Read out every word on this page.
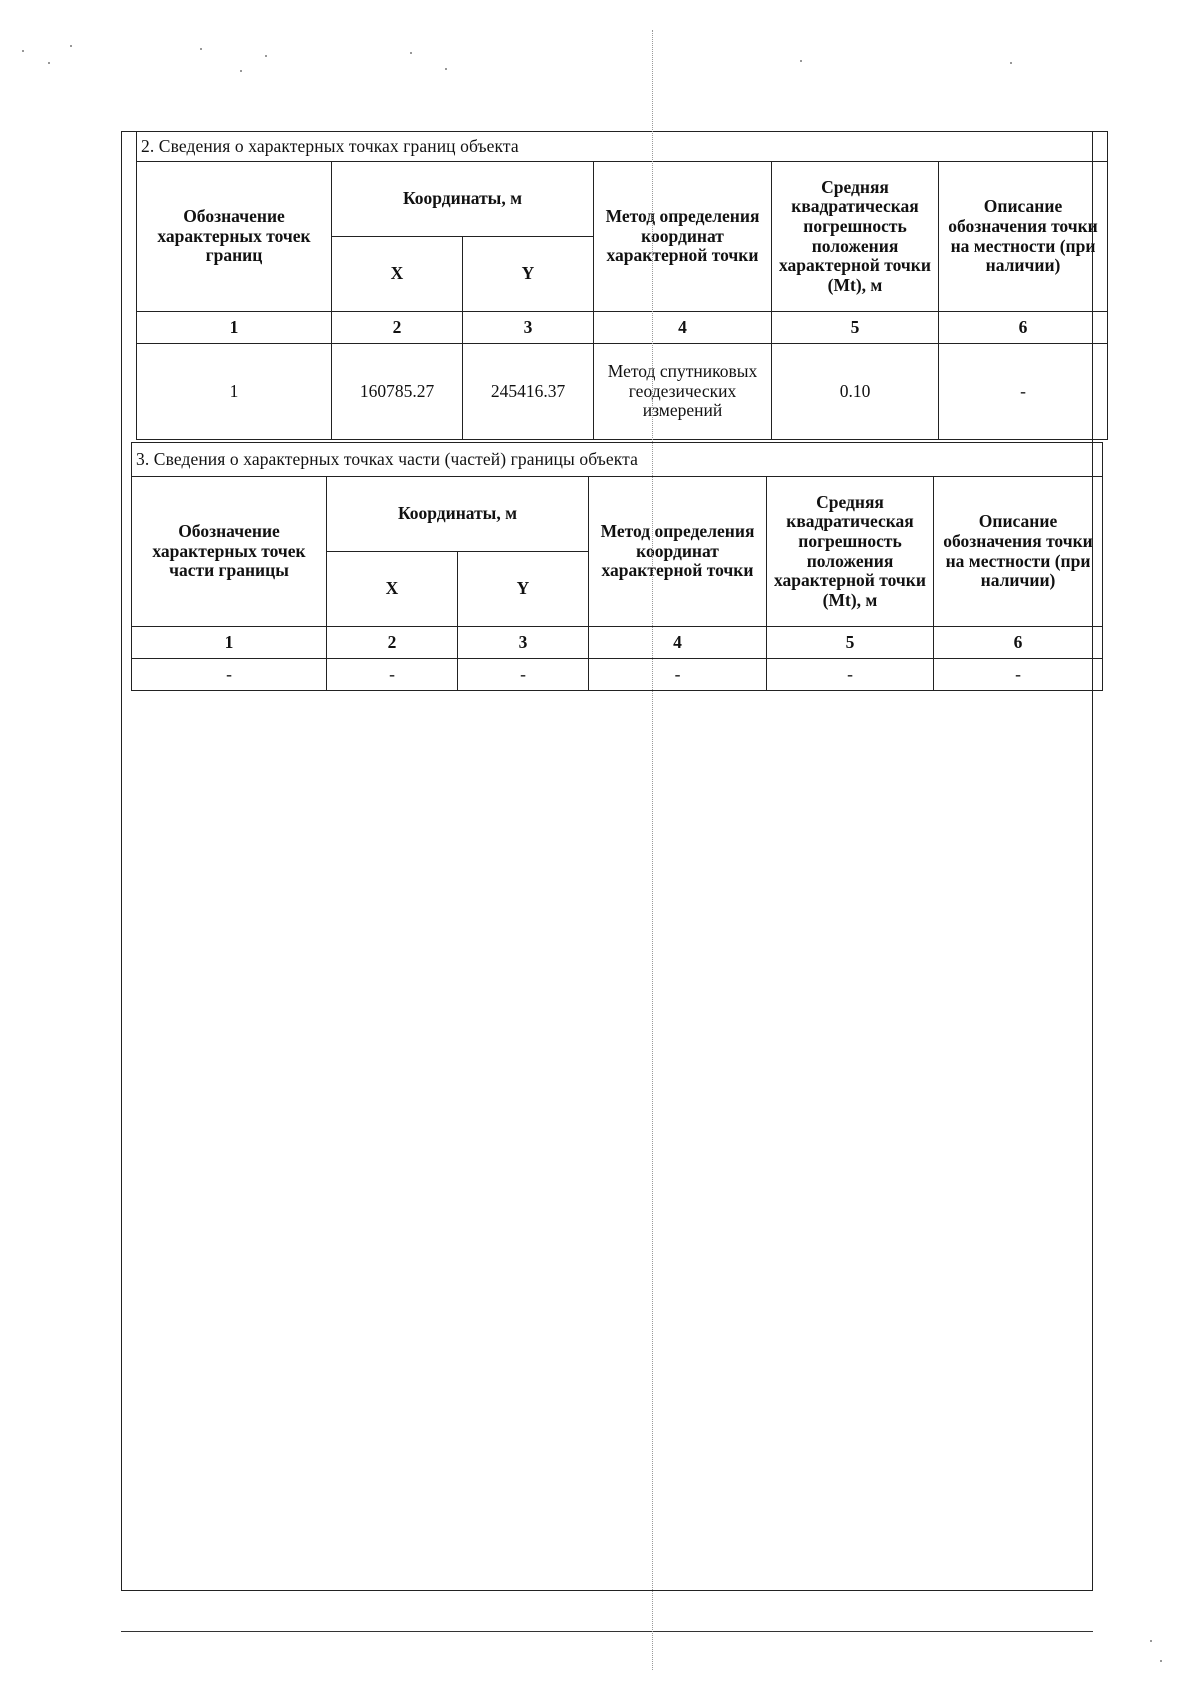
2. Сведения о характерных точках границ объекта					
Обозначение характерных точек границ	Координаты, м		Метод определения координат характерной точки	Средняя квадратическая погрешность положения характерной точки (Mt), м	Описание обозначения точки на местности (при наличии)
	X	Y			
1	2	3	4	5	6
1	160785.27	245416.37	Метод спутниковых геодезических измерений	0.10	-
3. Сведения о характерных точках части (частей) границы объекта					
Обозначение характерных точек части границы	Координаты, м		Метод определения координат характерной точки	Средняя квадратическая погрешность положения характерной точки (Mt), м	Описание обозначения точки на местности (при наличии)
	X	Y			
1	2	3	4	5	6
-	-	-	-	-	-
